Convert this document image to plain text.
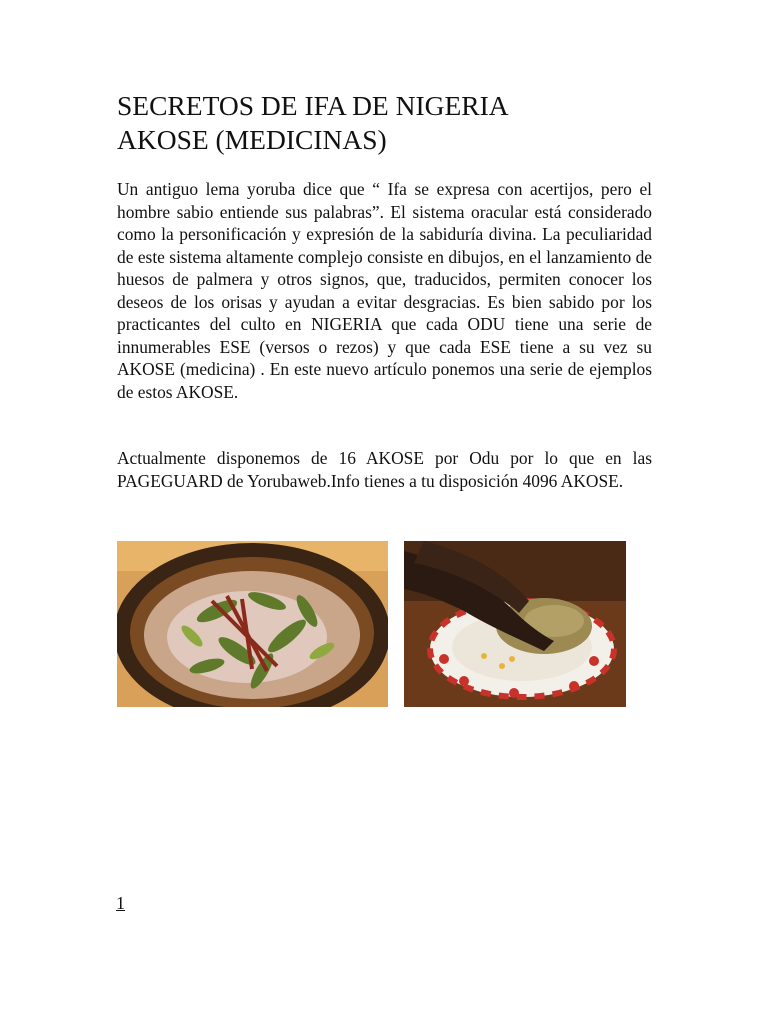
SECRETOS DE IFA DE NIGERIA
AKOSE (MEDICINAS)

Un antiguo lema yoruba dice que “ Ifa se expresa con acertijos, pero el hombre sabio entiende sus palabras”. El sistema oracular está considerado como la personificación y expresión de la sabiduría divina. La peculiaridad de este sistema altamente complejo consiste en dibujos, en el lanzamiento de huesos de palmera y otros signos, que, traducidos, permiten conocer los deseos de los orisas y ayudan a evitar desgracias. Es bien sabido por los practicantes del culto en NIGERIA que cada ODU tiene una serie de innumerables ESE (versos o rezos) y que cada ESE tiene a su vez su AKOSE (medicina) . En este nuevo artículo ponemos una serie de ejemplos de estos AKOSE.

Actualmente disponemos de 16 AKOSE por Odu por lo que en las PAGEGUARD de Yorubaweb.Info tienes a tu disposición 4096 AKOSE.

1
